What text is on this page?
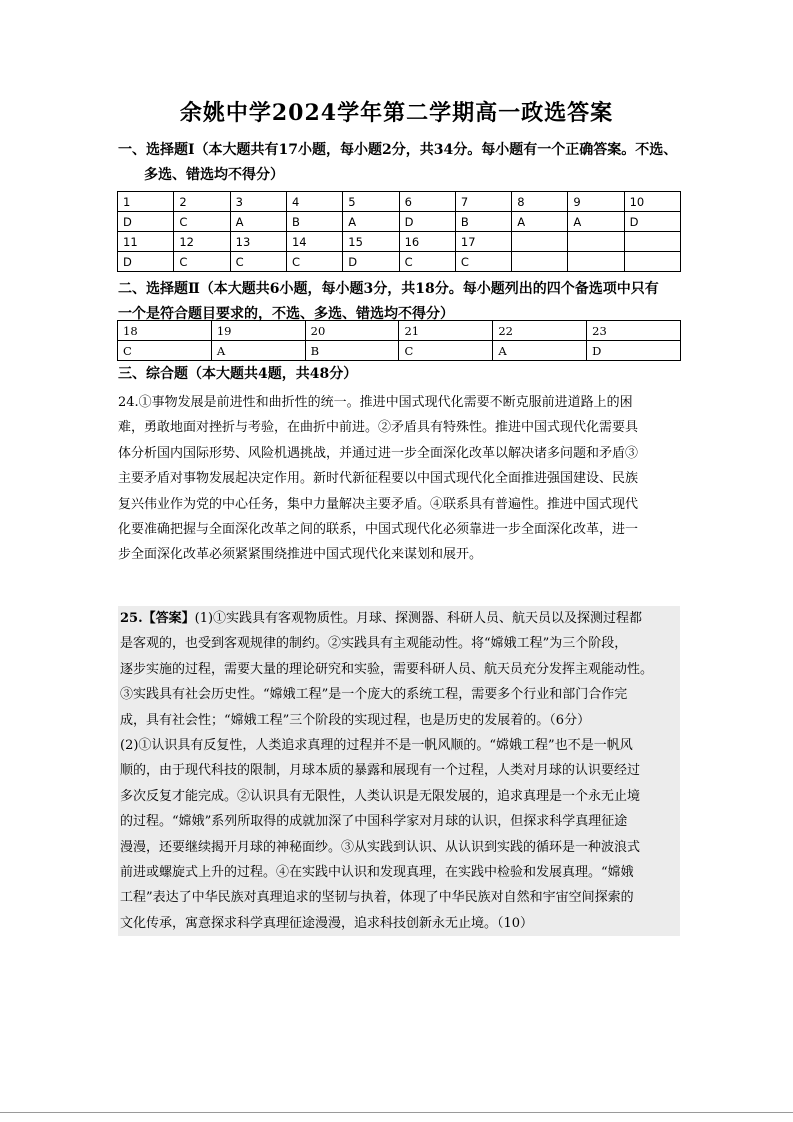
余姚中学2024学年第二学期高一政选答案
一、选择题Ⅰ（本大题共有17小题，每小题2分，共34分。每小题有一个正确答案。不选、
多选、错选均不得分）
1	2	3	4	5	6	7	8	9	10
D	C	A	B	A	D	B	A	A	D
11	12	13	14	15	16	17			
D	C	C	C	D	C	C			
二、选择题Ⅱ（本大题共6小题，每小题3分，共18分。每小题列出的四个备选项中只有
一个是符合题目要求的，不选、多选、错选均不得分）
18	19	20	21	22	23
C	A	B	C	A	D
三、综合题（本大题共4题，共48分）
24.①事物发展是前进性和曲折性的统一。推进中国式现代化需要不断克服前进道路上的困
难，勇敢地面对挫折与考验，在曲折中前进。②矛盾具有特殊性。推进中国式现代化需要具
体分析国内国际形势、风险机遇挑战，并通过进一步全面深化改革以解决诸多问题和矛盾③
主要矛盾对事物发展起决定作用。新时代新征程要以中国式现代化全面推进强国建设、民族
复兴伟业作为党的中心任务，集中力量解决主要矛盾。④联系具有普遍性。推进中国式现代
化要准确把握与全面深化改革之间的联系，中国式现代化必须靠进一步全面深化改革，进一
步全面深化改革必须紧紧围绕推进中国式现代化来谋划和展开。
25.【答案】(1)①实践具有客观物质性。月球、探测器、科研人员、航天员以及探测过程都
是客观的，也受到客观规律的制约。②实践具有主观能动性。将“嫦娥工程”为三个阶段，
逐步实施的过程，需要大量的理论研究和实验，需要科研人员、航天员充分发挥主观能动性。
③实践具有社会历史性。“嫦娥工程”是一个庞大的系统工程，需要多个行业和部门合作完
成，具有社会性；“嫦娥工程”三个阶段的实现过程，也是历史的发展着的。（6分）
(2)①认识具有反复性，人类追求真理的过程并不是一帆风顺的。“嫦娥工程”也不是一帆风
顺的，由于现代科技的限制，月球本质的暴露和展现有一个过程，人类对月球的认识要经过
多次反复才能完成。②认识具有无限性，人类认识是无限发展的，追求真理是一个永无止境
的过程。“嫦娥”系列所取得的成就加深了中国科学家对月球的认识，但探求科学真理征途
漫漫，还要继续揭开月球的神秘面纱。③从实践到认识、从认识到实践的循环是一种波浪式
前进或螺旋式上升的过程。④在实践中认识和发现真理，在实践中检验和发展真理。“嫦娥
工程”表达了中华民族对真理追求的坚韧与执着，体现了中华民族对自然和宇宙空间探索的
文化传承，寓意探求科学真理征途漫漫，追求科技创新永无止境。（10）
